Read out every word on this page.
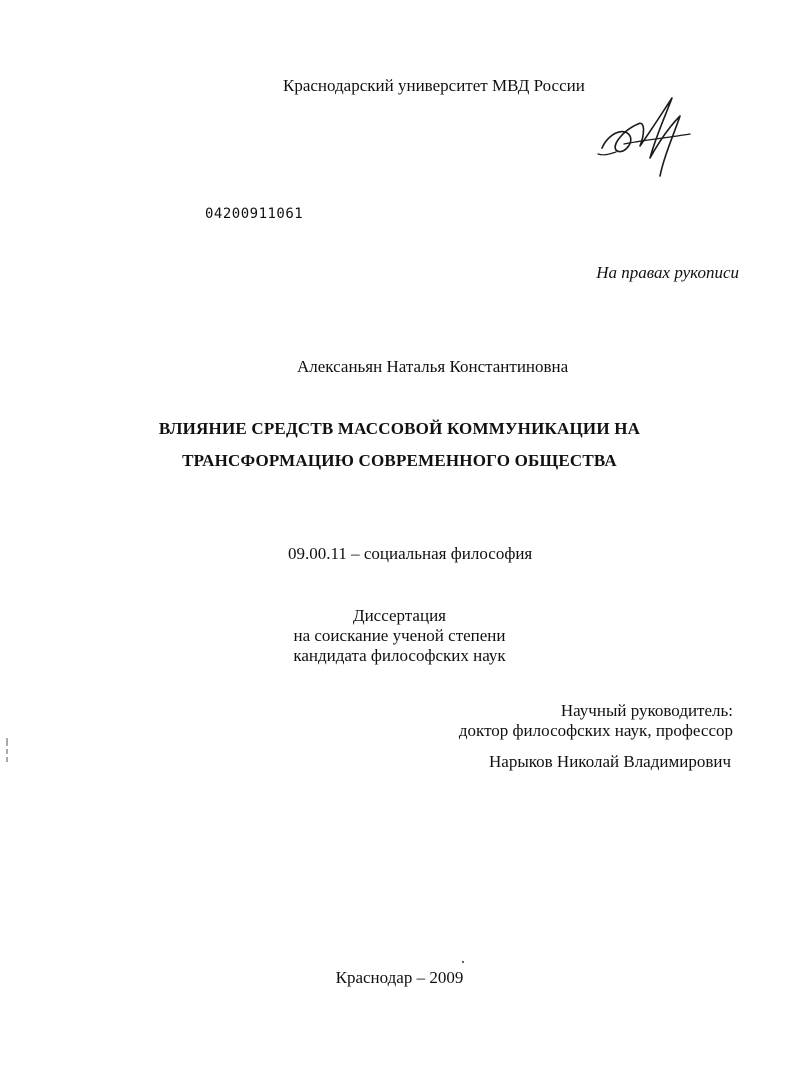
Краснодарский университет МВД России
04200911061
На правах рукописи
Алексаньян Наталья Константиновна
ВЛИЯНИЕ СРЕДСТВ МАССОВОЙ КОММУНИКАЦИИ НА
ТРАНСФОРМАЦИЮ СОВРЕМЕННОГО ОБЩЕСТВА
09.00.11 – социальная философия
Диссертация
на соискание ученой степени
кандидата философских наук
Научный руководитель:
доктор философских наук, профессор
Нарыков Николай Владимирович
Краснодар – 2009
